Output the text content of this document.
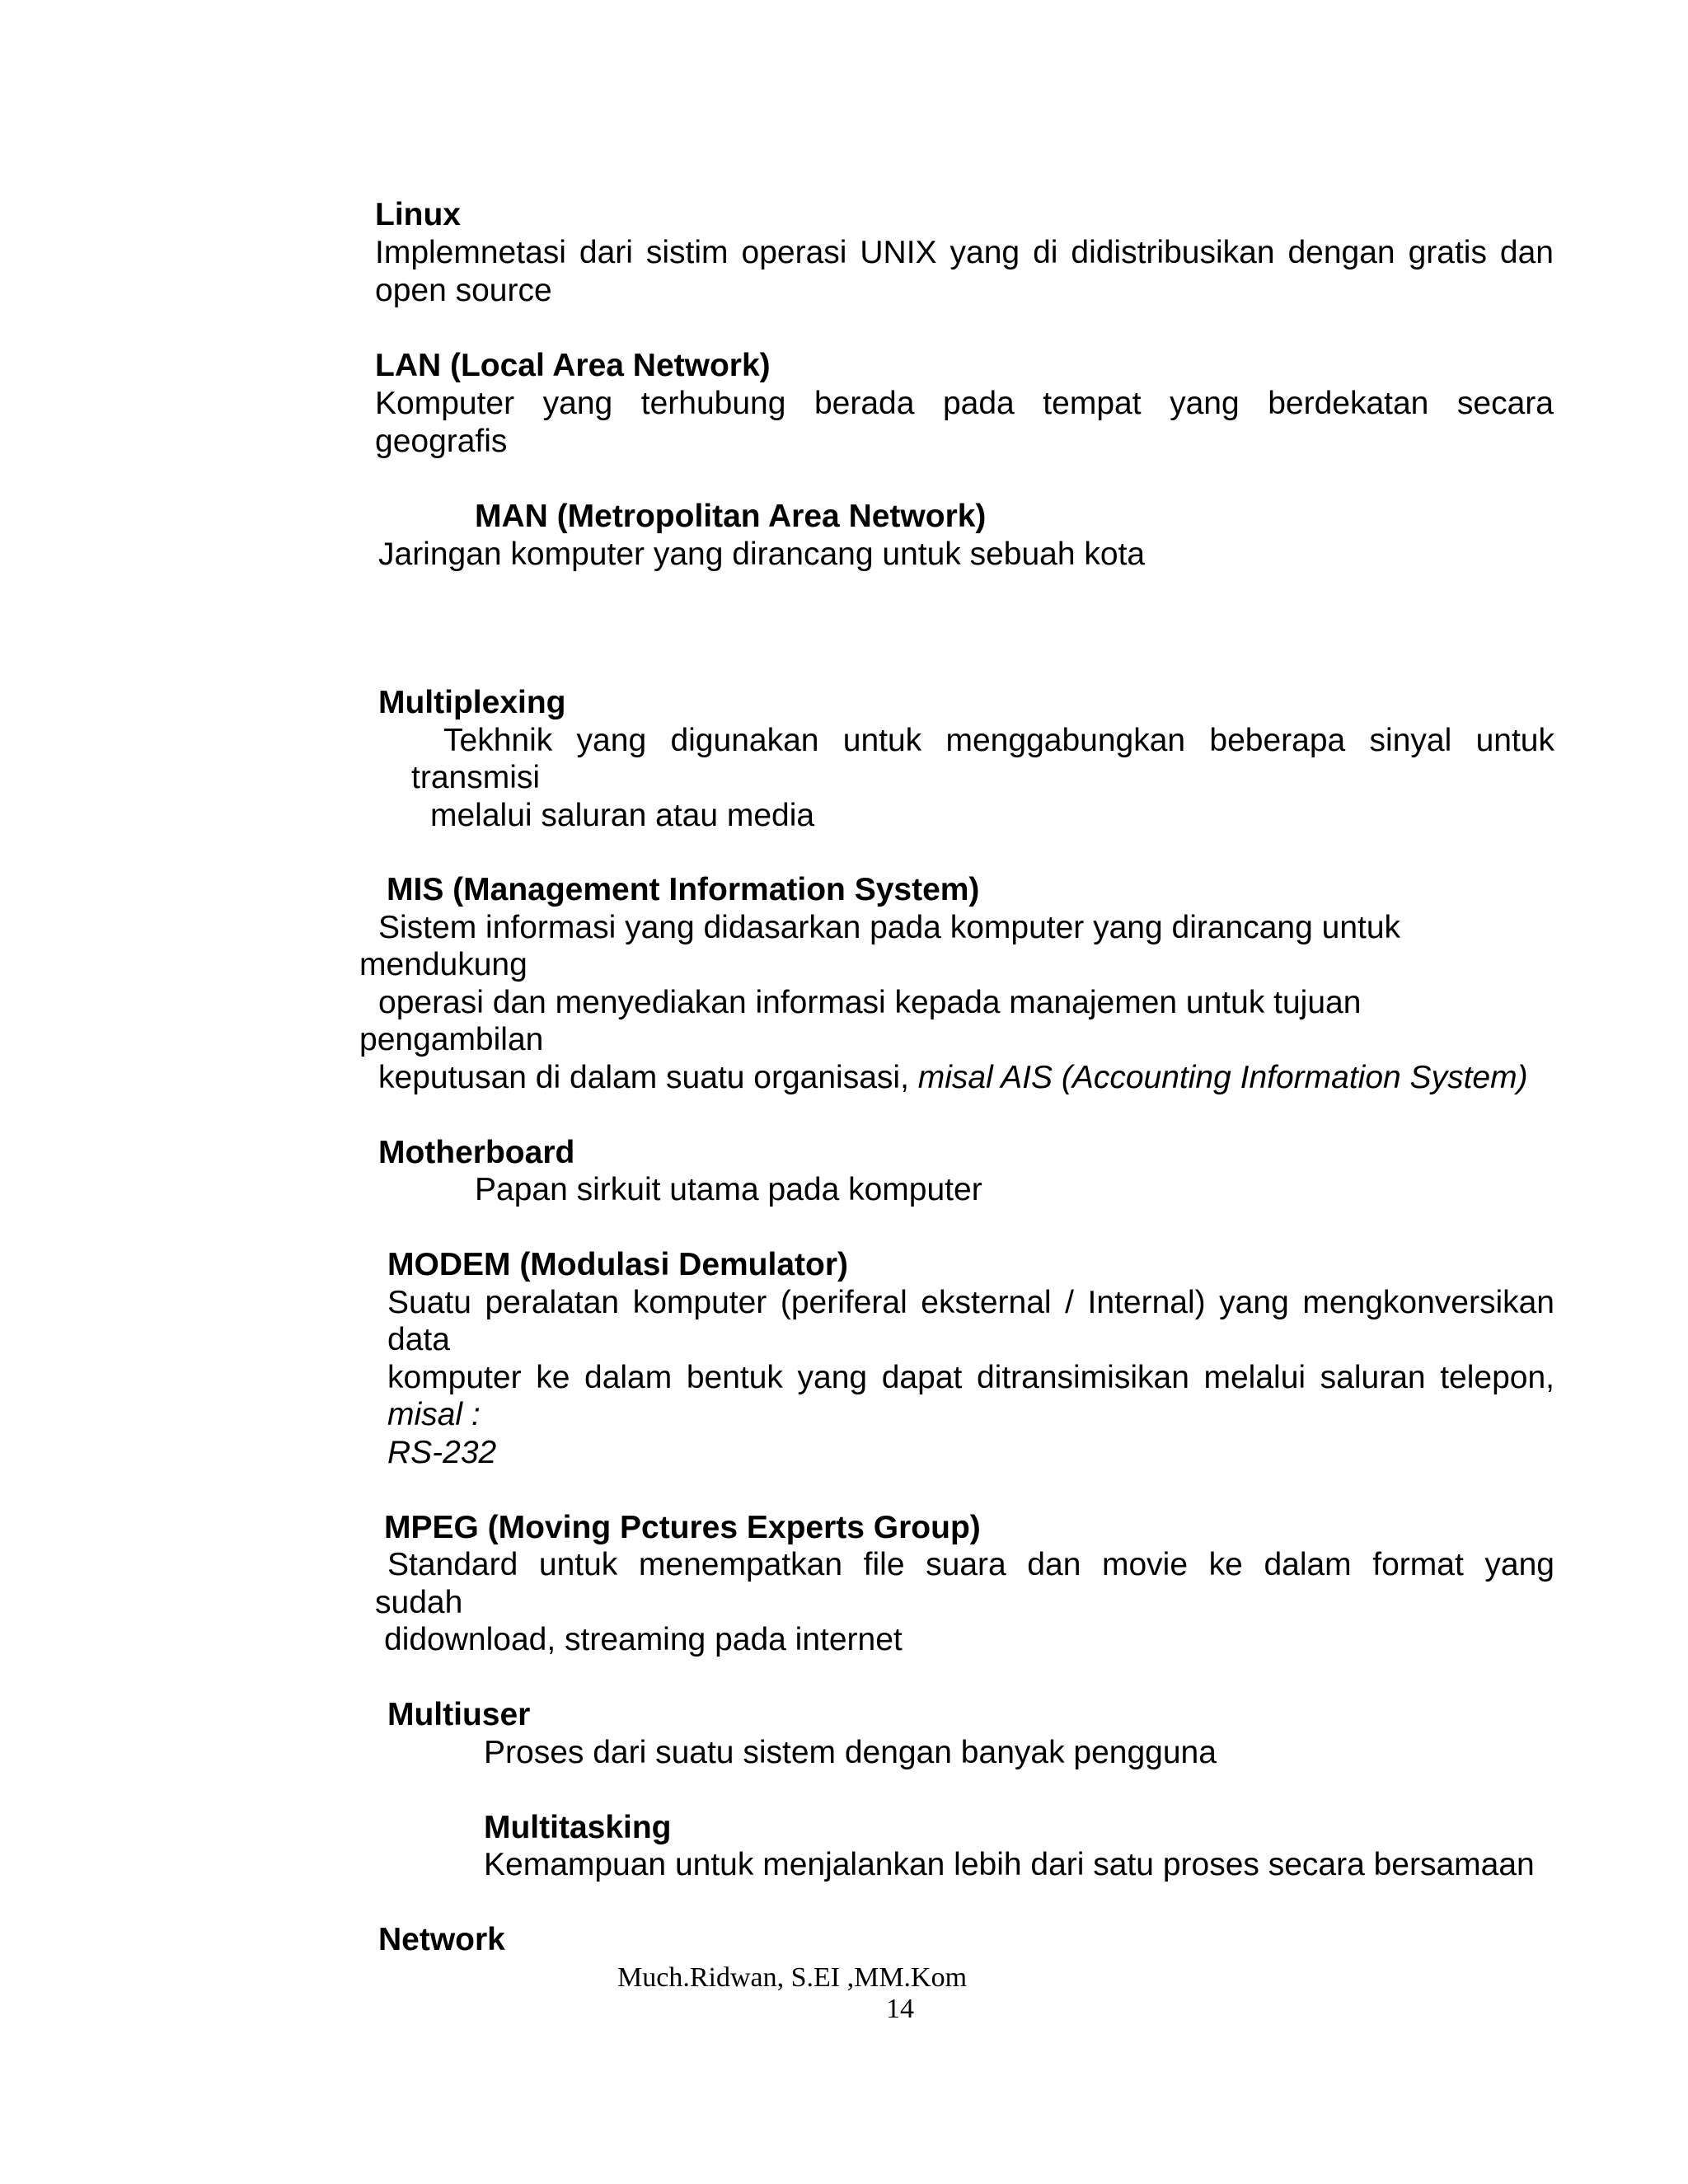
Linux
Implemnetasi dari sistim operasi UNIX yang di didistribusikan dengan gratis dan
open source
LAN (Local Area Network)
Komputer yang terhubung berada pada tempat yang berdekatan secara
geografis
MAN (Metropolitan Area Network)
Jaringan komputer yang dirancang untuk sebuah kota
Multiplexing
Tekhnik yang digunakan untuk menggabungkan beberapa sinyal untuk
transmisi
melalui saluran atau media
MIS (Management Information System)
Sistem informasi yang didasarkan pada komputer yang dirancang untuk
mendukung
operasi dan menyediakan informasi kepada manajemen untuk tujuan
pengambilan
keputusan di dalam suatu organisasi, misal AIS (Accounting Information System)
Motherboard
Papan sirkuit utama pada komputer
MODEM (Modulasi Demulator)
Suatu peralatan komputer (periferal eksternal / Internal) yang mengkonversikan
data
komputer ke dalam bentuk yang dapat ditransimisikan melalui saluran telepon,
misal :
RS-232
MPEG (Moving Pctures Experts Group)
Standard untuk menempatkan file suara dan movie ke dalam format yang
sudah
didownload, streaming pada internet
Multiuser
Proses dari suatu sistem dengan banyak pengguna
Multitasking
Kemampuan untuk menjalankan lebih dari satu proses secara bersamaan
Network
Much.Ridwan, S.EI ,MM.Kom
14
